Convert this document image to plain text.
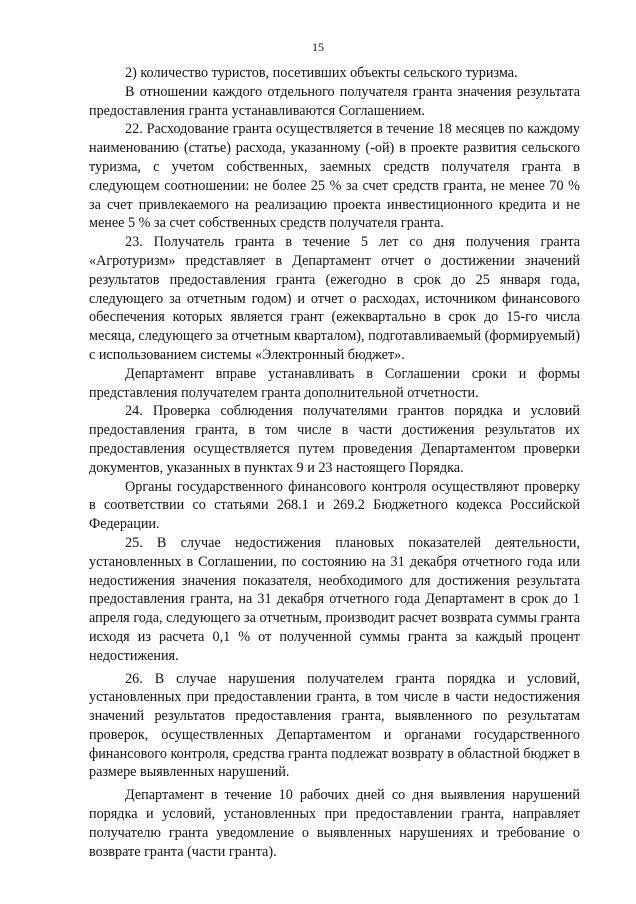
15

2) количество туристов, посетивших объекты сельского туризма.

В отношении каждого отдельного получателя гранта значения результата предоставления гранта устанавливаются Соглашением.

22. Расходование гранта осуществляется в течение 18 месяцев по каждому наименованию (статье) расхода, указанному (-ой) в проекте развития сельского туризма, с учетом собственных, заемных средств получателя гранта в следующем соотношении: не более 25 % за счет средств гранта, не менее 70 % за счет привлекаемого на реализацию проекта инвестиционного кредита и не менее 5 % за счет собственных средств получателя гранта.

23. Получатель гранта в течение 5 лет со дня получения гранта «Агротуризм» представляет в Департамент отчет о достижении значений результатов предоставления гранта (ежегодно в срок до 25 января года, следующего за отчетным годом) и отчет о расходах, источником финансового обеспечения которых является грант (ежеквартально в срок до 15-го числа месяца, следующего за отчетным кварталом), подготавливаемый (формируемый) с использованием системы «Электронный бюджет».

Департамент вправе устанавливать в Соглашении сроки и формы представления получателем гранта дополнительной отчетности.

24. Проверка соблюдения получателями грантов порядка и условий предоставления гранта, в том числе в части достижения результатов их предоставления осуществляется путем проведения Департаментом проверки документов, указанных в пунктах 9 и 23 настоящего Порядка.

Органы государственного финансового контроля осуществляют проверку в соответствии со статьями 268.1 и 269.2 Бюджетного кодекса Российской Федерации.

25. В случае недостижения плановых показателей деятельности, установленных в Соглашении, по состоянию на 31 декабря отчетного года или недостижения значения показателя, необходимого для достижения результата предоставления гранта, на 31 декабря отчетного года Департамент в срок до 1 апреля года, следующего за отчетным, производит расчет возврата суммы гранта исходя из расчета 0,1 % от полученной суммы гранта за каждый процент недостижения.

26. В случае нарушения получателем гранта порядка и условий, установленных при предоставлении гранта, в том числе в части недостижения значений результатов предоставления гранта, выявленного по результатам проверок, осуществленных Департаментом и органами государственного финансового контроля, средства гранта подлежат возврату в областной бюджет в размере выявленных нарушений.

Департамент в течение 10 рабочих дней со дня выявления нарушений порядка и условий, установленных при предоставлении гранта, направляет получателю гранта уведомление о выявленных нарушениях и требование о возврате гранта (части гранта).
